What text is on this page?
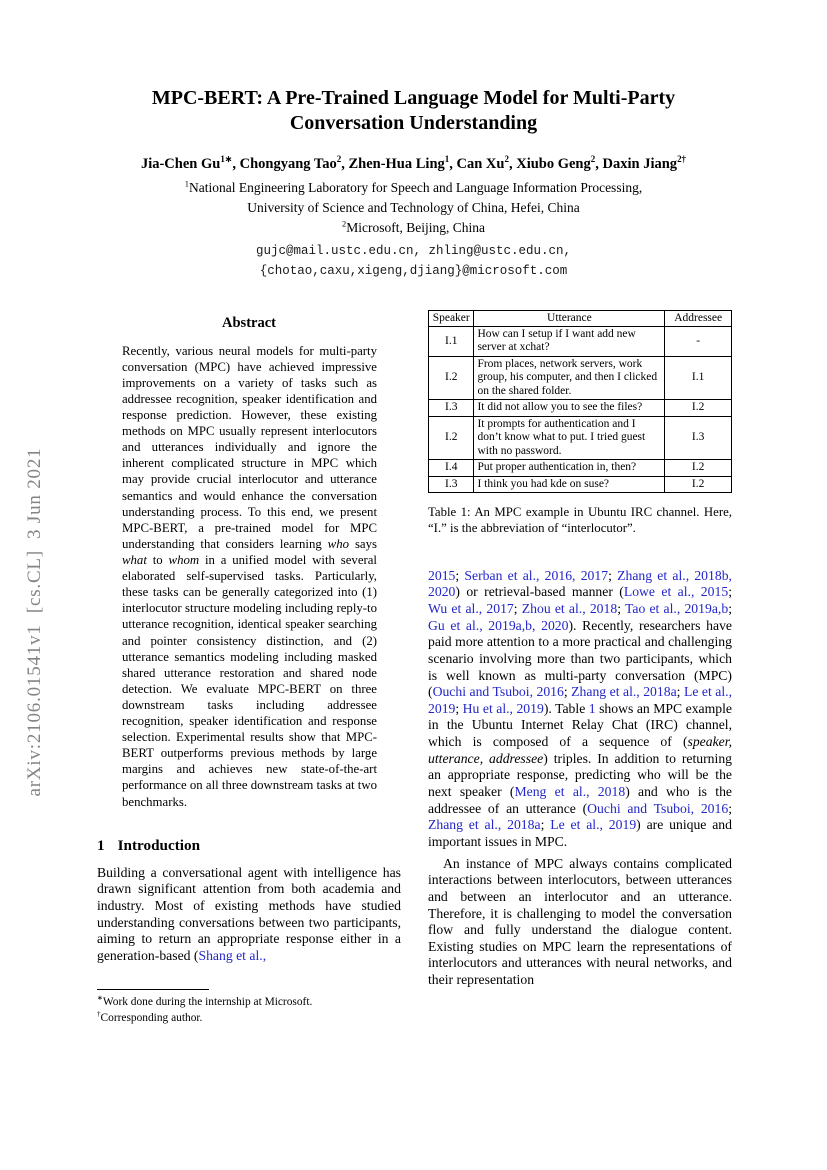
arXiv:2106.01541v1  [cs.CL]  3 Jun 2021
MPC-BERT: A Pre-Trained Language Model for Multi-Party
Conversation Understanding
Jia-Chen $Gu^{1∗}$, Chongyang Tao$^2$, Zhen-Hua Ling$^1$, Can Xu$^2$, Xiubo Geng$^2$, Daxin Jiang$^{2\dagger}$
$^1$National Engineering Laboratory for Speech and Language Information Processing,
University of Science and Technology of China, Hefei, China
$^2$Microsoft, Beijing, China
gujc@mail.ustc.edu.cn, zhling@ustc.edu.cn,
{chotao,caxu,xigeng,djiang}@microsoft.com
Abstract
Recently, various neural models for multi-party conversation (MPC) have achieved impressive improvements on a variety of tasks such as addressee recognition, speaker identification and response prediction. However, these existing methods on MPC usually represent interlocutors and utterances individually and ignore the inherent complicated structure in MPC which may provide crucial interlocutor and utterance semantics and would enhance the conversation understanding process. To this end, we present MPC-BERT, a pre-trained model for MPC understanding that considers learning who says what to whom in a unified model with several elaborated self-supervised tasks. Particularly, these tasks can be generally categorized into (1) interlocutor structure modeling including reply-to utterance recognition, identical speaker searching and pointer consistency distinction, and (2) utterance semantics modeling including masked shared utterance restoration and shared node detection. We evaluate MPC-BERT on three downstream tasks including addressee recognition, speaker identification and response selection. Experimental results show that MPC-BERT outperforms previous methods by large margins and achieves new state-of-the-art performance on all three downstream tasks at two benchmarks.
1 Introduction

Building a conversational agent with intelligence has drawn significant attention from both academia and industry. Most of existing methods have studied understanding conversations between two participants, aiming to return an appropriate response either in a generation-based (Shang et al.,

∗Work done during the internship at Microsoft.
†Corresponding author.
Speaker	Utterance	Addressee
I.1	How can I setup if I want add new server at xchat?	-
I.2	From places, network servers, work group, his computer, and then I clicked on the shared folder.	I.1
I.3	It did not allow you to see the files?	I.2
I.2	It prompts for authentication and I don’t know what to put. I tried guest with no password.	I.3
I.4	Put proper authentication in, then?	I.2
I.3	I think you had kde on suse?	I.2
Table 1: An MPC example in Ubuntu IRC channel. Here, “I.” is the abbreviation of “interlocutor”.

2015; Serban et al., 2016, 2017; Zhang et al., 2018b, 2020) or retrieval-based manner (Lowe et al., 2015; Wu et al., 2017; Zhou et al., 2018; Tao et al., 2019a,b; Gu et al., 2019a,b, 2020). Recently, researchers have paid more attention to a more practical and challenging scenario involving more than two participants, which is well known as multi-party conversation (MPC) (Ouchi and Tsuboi, 2016; Zhang et al., 2018a; Le et al., 2019; Hu et al., 2019). Table 1 shows an MPC example in the Ubuntu Internet Relay Chat (IRC) channel, which is composed of a sequence of (speaker, utterance, addressee) triples. In addition to returning an appropriate response, predicting who will be the next speaker (Meng et al., 2018) and who is the addressee of an utterance (Ouchi and Tsuboi, 2016; Zhang et al., 2018a; Le et al., 2019) are unique and important issues in MPC.

An instance of MPC always contains complicated interactions between interlocutors, between utterances and between an interlocutor and an utterance. Therefore, it is challenging to model the conversation flow and fully understand the dialogue content. Existing studies on MPC learn the representations of interlocutors and utterances with neural networks, and their representation
